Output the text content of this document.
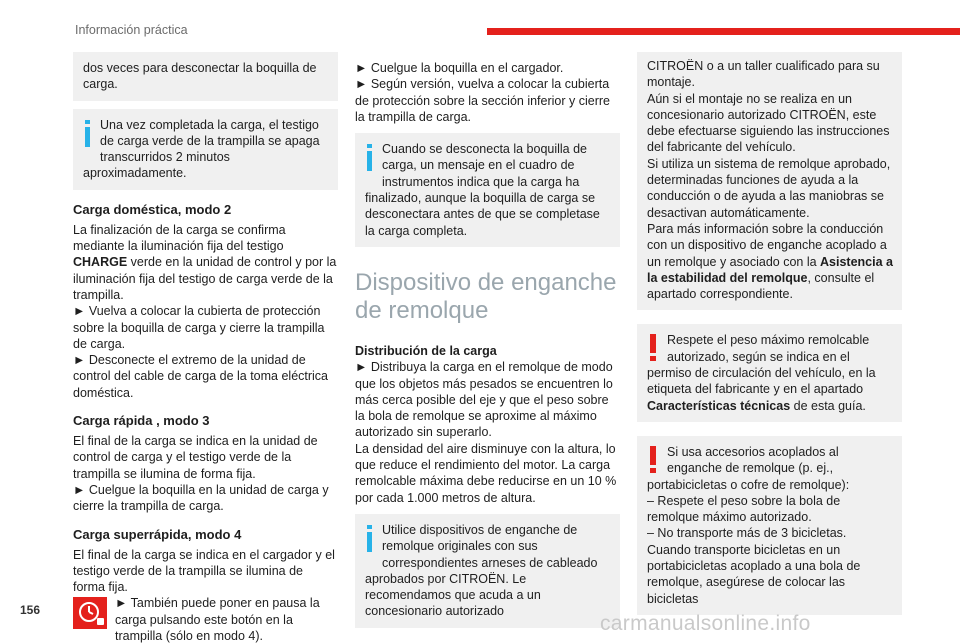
Información práctica

dos veces para desconectar la boquilla de carga.

Una vez completada la carga, el testigo de carga verde de la trampilla se apaga transcurridos 2 minutos aproximadamente.

Carga doméstica, modo 2

La finalización de la carga se confirma mediante la iluminación fija del testigo CHARGE verde en la unidad de control y por la iluminación fija del testigo de carga verde de la trampilla.

► Vuelva a colocar la cubierta de protección sobre la boquilla de carga y cierre la trampilla de carga.

► Desconecte el extremo de la unidad de control del cable de carga de la toma eléctrica doméstica.

Carga rápida , modo 3

El final de la carga se indica en la unidad de control de carga y el testigo verde de la trampilla se ilumina de forma fija.

► Cuelgue la boquilla en la unidad de carga y cierre la trampilla de carga.

Carga superrápida, modo 4

El final de la carga se indica en el cargador y el testigo verde de la trampilla se ilumina de forma fija.

► También puede poner en pausa la carga pulsando este botón en la trampilla (sólo en modo 4).

► Cuelgue la boquilla en el cargador.

► Según versión, vuelva a colocar la cubierta de protección sobre la sección inferior y cierre la trampilla de carga.

Cuando se desconecta la boquilla de carga, un mensaje en el cuadro de instrumentos indica que la carga ha finalizado, aunque la boquilla de carga se desconectara antes de que se completase la carga completa.

Dispositivo de enganche de remolque

Distribución de la carga

► Distribuya la carga en el remolque de modo que los objetos más pesados se encuentren lo más cerca posible del eje y que el peso sobre la bola de remolque se aproxime al máximo autorizado sin superarlo.

La densidad del aire disminuye con la altura, lo que reduce el rendimiento del motor. La carga remolcable máxima debe reducirse en un 10 % por cada 1.000 metros de altura.

Utilice dispositivos de enganche de remolque originales con sus correspondientes arneses de cableado aprobados por CITROËN. Le recomendamos que acuda a un concesionario autorizado

CITROËN o a un taller cualificado para su montaje.

Aún si el montaje no se realiza en un concesionario autorizado CITROËN, este debe efectuarse siguiendo las instrucciones del fabricante del vehículo.

Si utiliza un sistema de remolque aprobado, determinadas funciones de ayuda a la conducción o de ayuda a las maniobras se desactivan automáticamente.

Para más información sobre la conducción con un dispositivo de enganche acoplado a un remolque y asociado con la Asistencia a la estabilidad del remolque, consulte el apartado correspondiente.

Respete el peso máximo remolcable autorizado, según se indica en el permiso de circulación del vehículo, en la etiqueta del fabricante y en el apartado Características técnicas de esta guía.

Si usa accesorios acoplados al enganche de remolque (p. ej., portabicicletas o cofre de remolque):

– Respete el peso sobre la bola de remolque máximo autorizado.

– No transporte más de 3 bicicletas.

Cuando transporte bicicletas en un portabicicletas acoplado a una bola de remolque, asegúrese de colocar las bicicletas

156
carmanualsonline.info
